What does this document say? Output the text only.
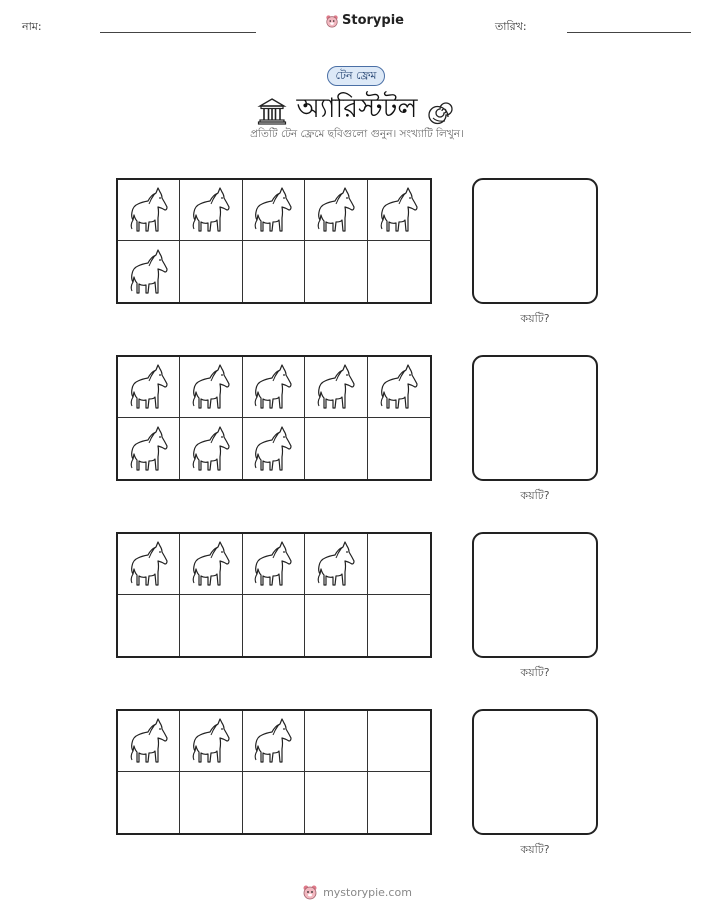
নাম:	Storypie	তারিখ:
টেন ফ্রেম
অ্যারিস্টটল
প্রতিটি টেন ফ্রেমে ছবিগুলো গুনুন। সংখ্যাটি লিখুন।
কয়টি?
কয়টি?
কয়টি?
কয়টি?
mystorypie.com
